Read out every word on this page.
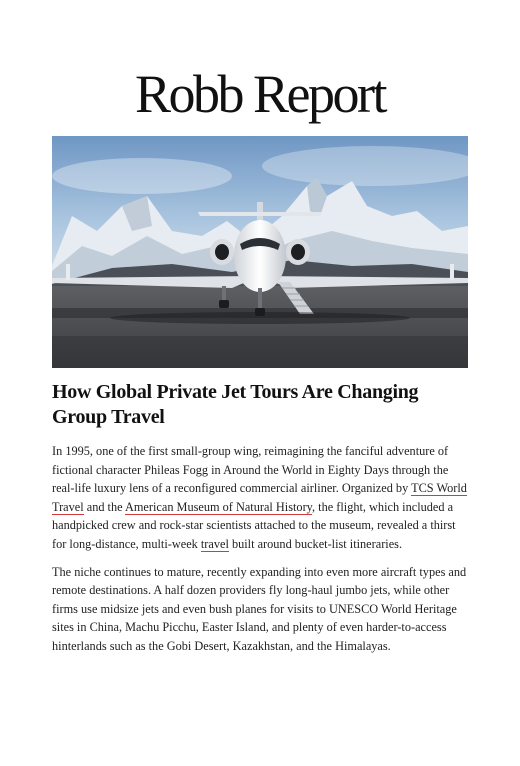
Robb Report
How Global Private Jet Tours Are Changing Group Travel

In 1995, one of the first small-group wing, reimagining the fanciful adventure of fictional character Phileas Fogg in Around the World in Eighty Days through the real-life luxury lens of a reconfigured commercial airliner. Organized by TCS World Travel and the American Museum of Natural History, the flight, which included a handpicked crew and rock-star scientists attached to the museum, revealed a thirst for long-distance, multi-week travel built around bucket-list itineraries.

The niche continues to mature, recently expanding into even more aircraft types and remote destinations. A half dozen providers fly long-haul jumbo jets, while other firms use midsize jets and even bush planes for visits to UNESCO World Heritage sites in China, Machu Picchu, Easter Island, and plenty of even harder-to-access hinterlands such as the Gobi Desert, Kazakhstan, and the Himalayas.
